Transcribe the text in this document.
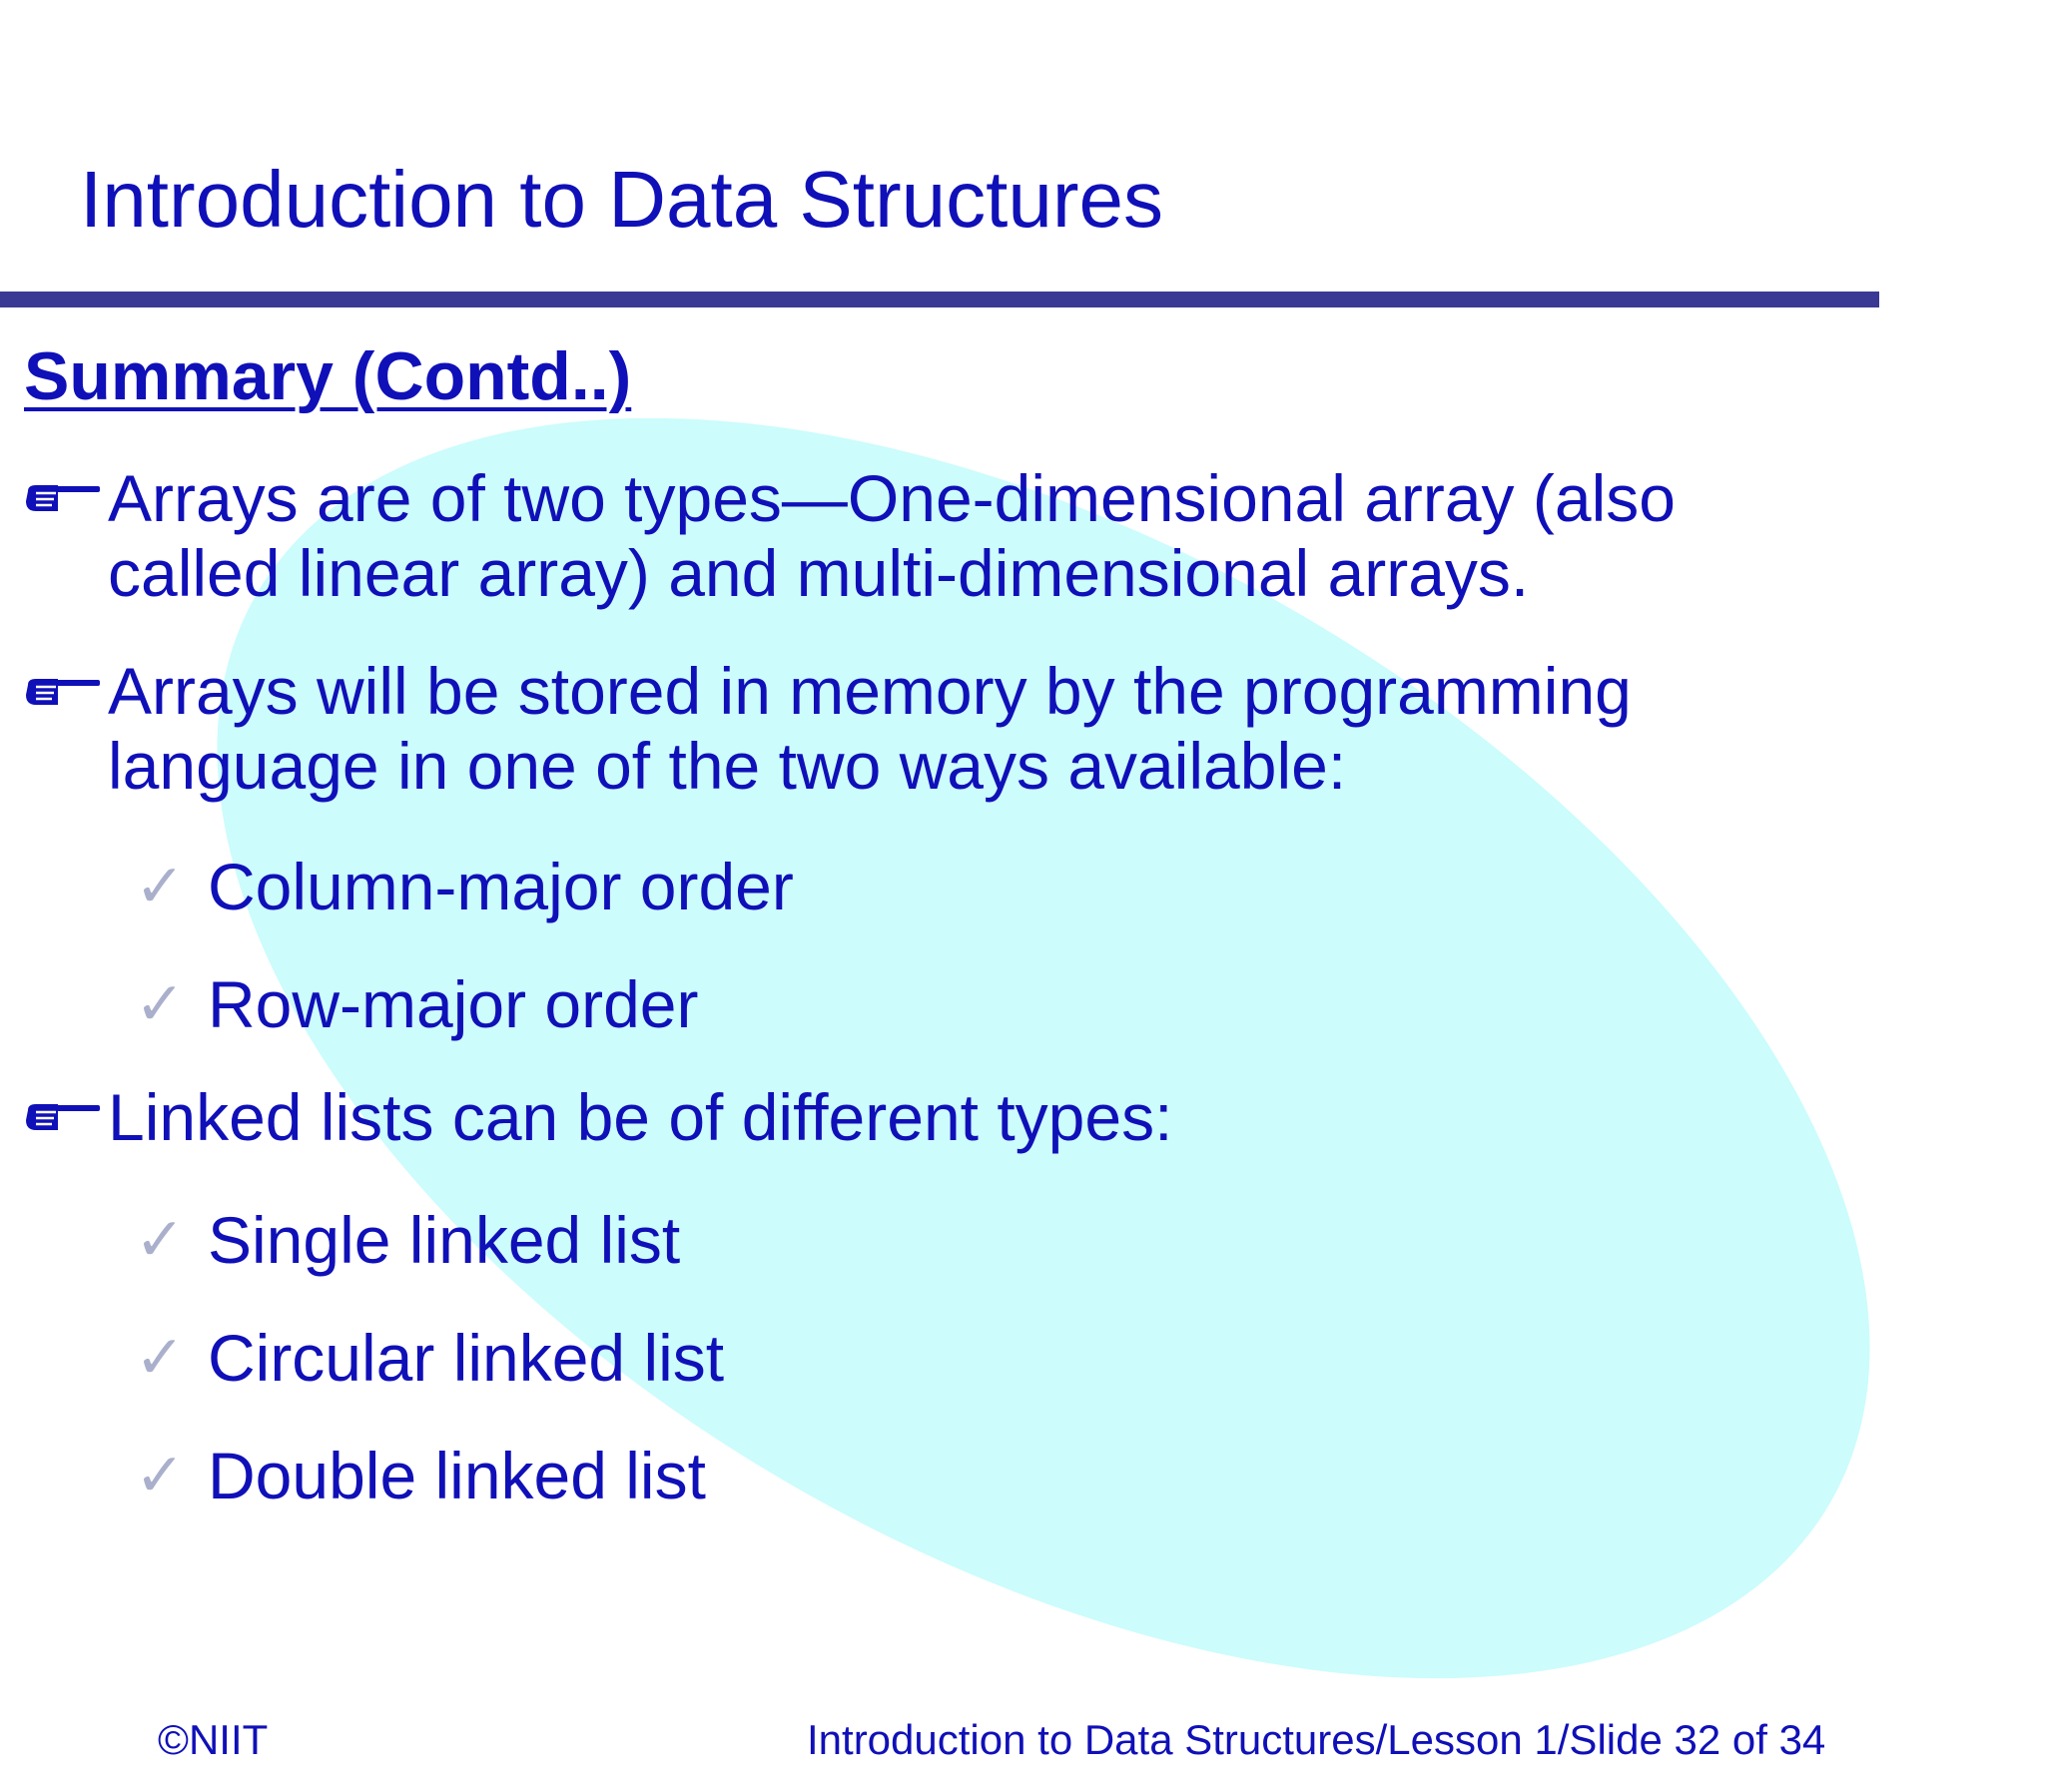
Introduction to Data Structures
Summary (Contd..)
Arrays are of two types—One-dimensional array (also
called linear array) and multi-dimensional arrays.
Arrays will be stored in memory by the programming
language in one of the two ways available:
✓ Column-major order
✓ Row-major order
Linked lists can be of different types:
✓ Single linked list
✓ Circular linked list
✓ Double linked list
©NIIT	Introduction to Data Structures/Lesson 1/Slide 32 of 34
